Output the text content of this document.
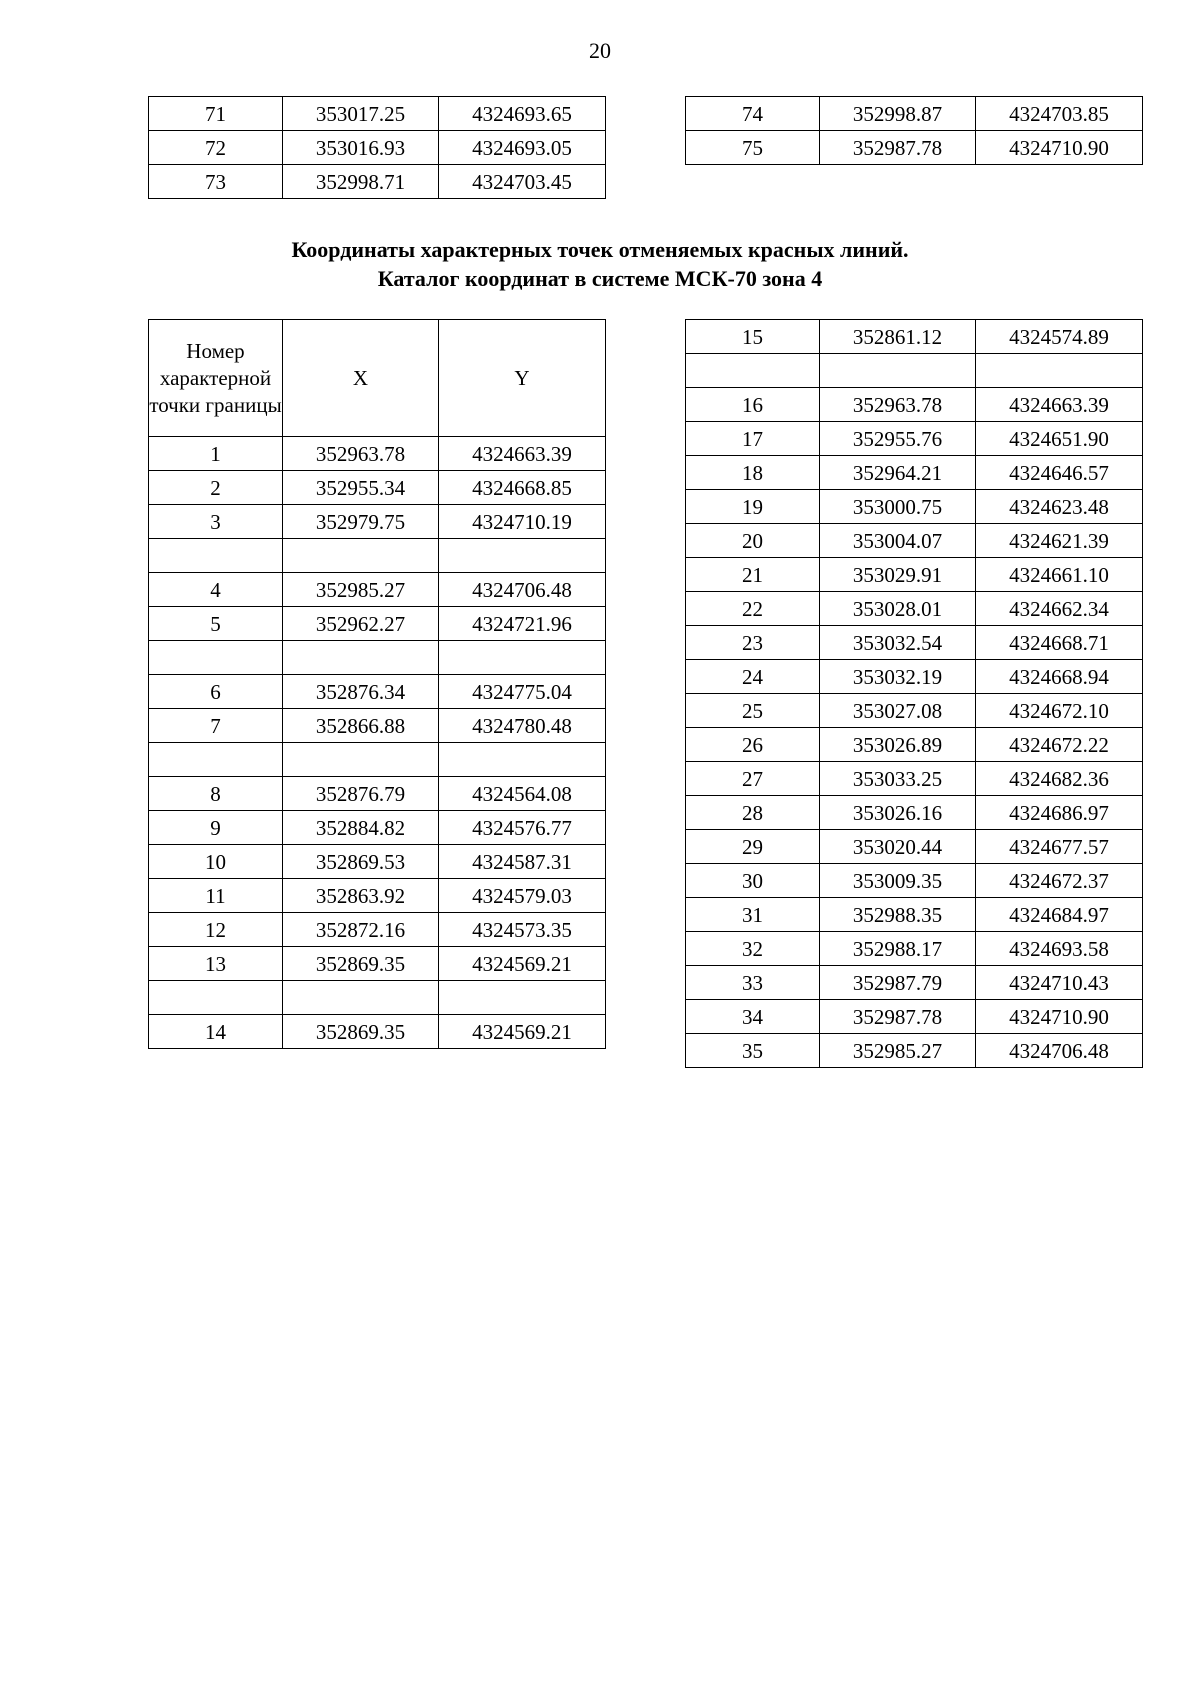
20
71	353017.25	4324693.65
72	353016.93	4324693.05
73	352998.71	4324703.45
74	352998.87	4324703.85
75	352987.78	4324710.90
Координаты характерных точек отменяемых красных линий.
Каталог координат в системе МСК-70 зона 4
Номер характерной точки границы	X	Y
1	352963.78	4324663.39
2	352955.34	4324668.85
3	352979.75	4324710.19

4	352985.27	4324706.48
5	352962.27	4324721.96

6	352876.34	4324775.04
7	352866.88	4324780.48

8	352876.79	4324564.08
9	352884.82	4324576.77
10	352869.53	4324587.31
11	352863.92	4324579.03
12	352872.16	4324573.35
13	352869.35	4324569.21

14	352869.35	4324569.21
15	352861.12	4324574.89

16	352963.78	4324663.39
17	352955.76	4324651.90
18	352964.21	4324646.57
19	353000.75	4324623.48
20	353004.07	4324621.39
21	353029.91	4324661.10
22	353028.01	4324662.34
23	353032.54	4324668.71
24	353032.19	4324668.94
25	353027.08	4324672.10
26	353026.89	4324672.22
27	353033.25	4324682.36
28	353026.16	4324686.97
29	353020.44	4324677.57
30	353009.35	4324672.37
31	352988.35	4324684.97
32	352988.17	4324693.58
33	352987.79	4324710.43
34	352987.78	4324710.90
35	352985.27	4324706.48
